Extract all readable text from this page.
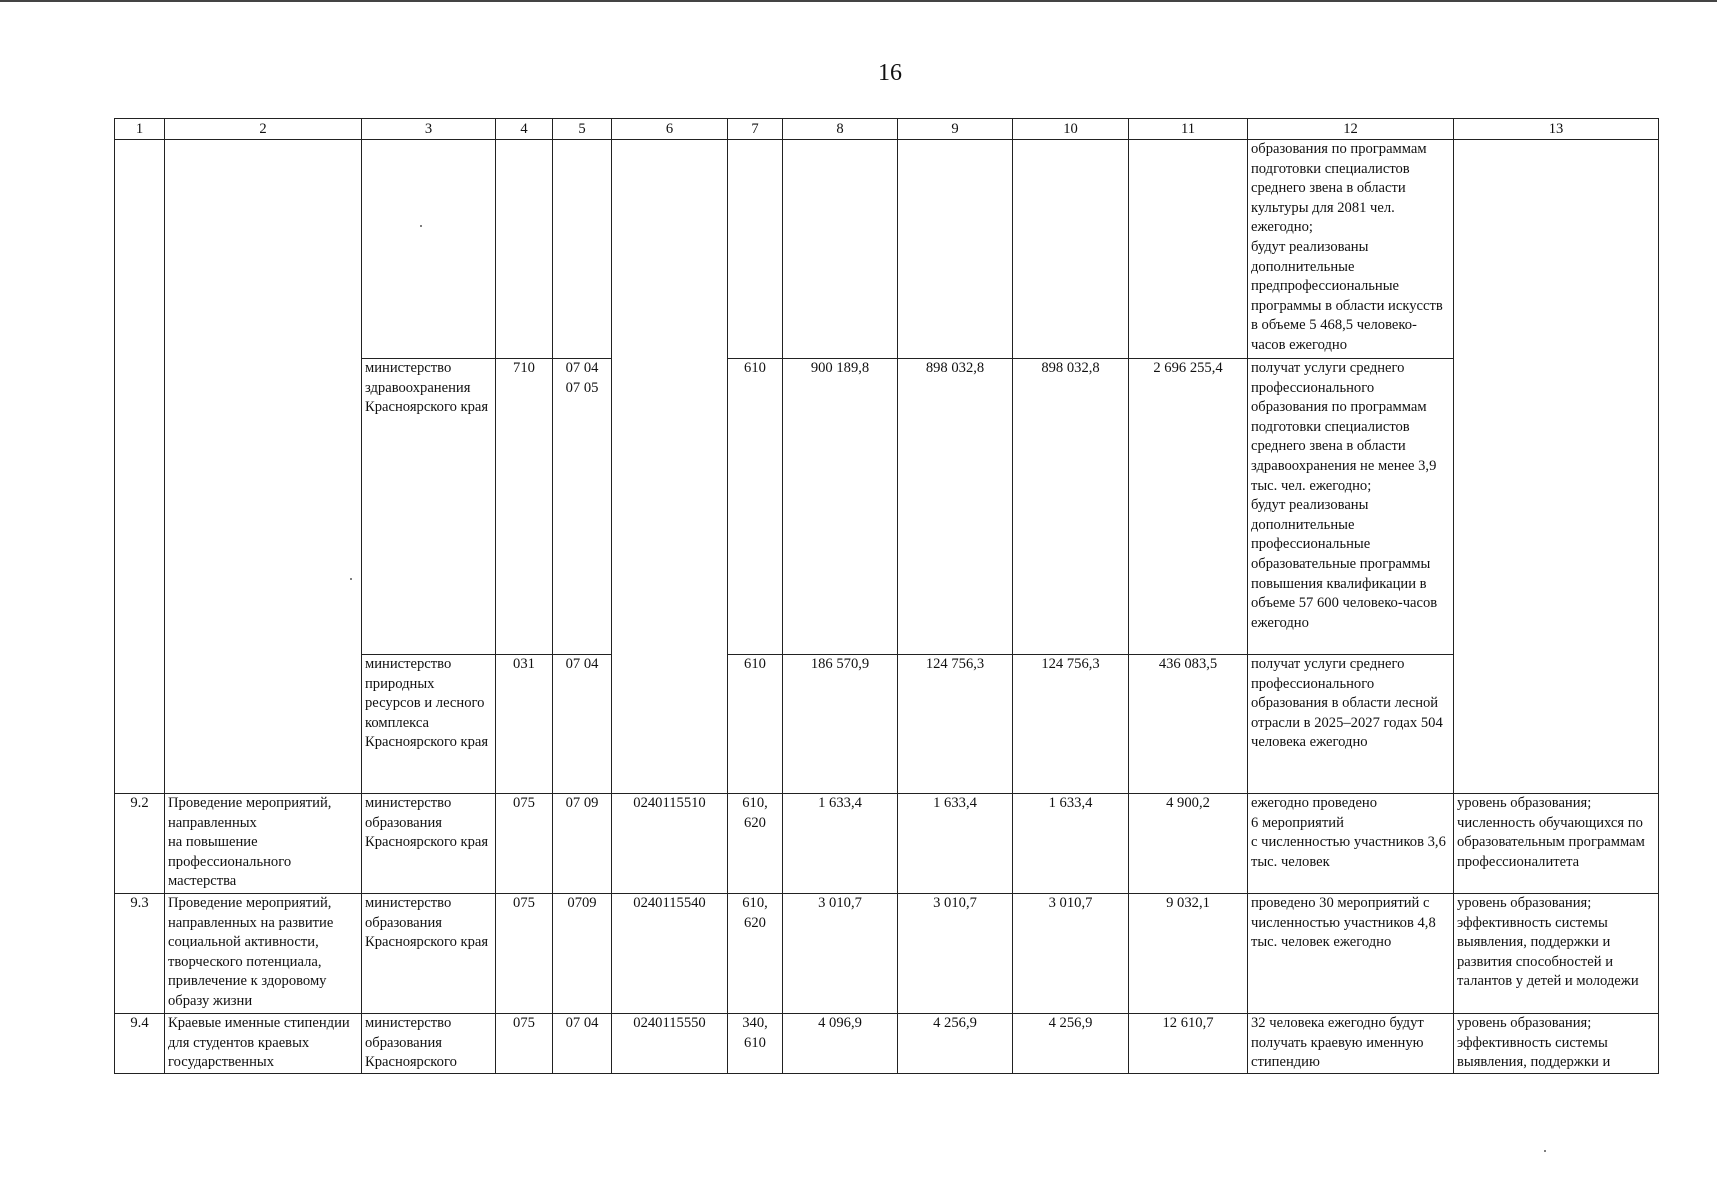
16
1	2	3	4	5	6	7	8	9	10	11	12	13
											образования по программам подготовки специалистов среднего звена в области культуры для 2081 чел. ежегодно;
будут реализованы дополнительные предпрофессиональные программы в области искусств в объеме 5 468,5 человеко-часов ежегодно	
		министерство здравоохранения Красноярского края	710	07 04
07 05		610	900 189,8	898 032,8	898 032,8	2 696 255,4	получат услуги среднего профессионального образования по программам подготовки специалистов среднего звена в области здравоохранения не менее 3,9 тыс. чел. ежегодно;
будут реализованы дополнительные профессиональные образовательные программы повышения квалификации в объеме 57 600 человеко-часов ежегодно	
		министерство природных ресурсов и лесного комплекса Красноярского края	031	07 04		610	186 570,9	124 756,3	124 756,3	436 083,5	получат услуги среднего профессионального образования в области лесной отрасли в 2025–2027 годах 504 человека ежегодно	
9.2	Проведение мероприятий, направленных
на повышение профессионального мастерства	министерство образования Красноярского края	075	07 09	0240115510	610,
620	1 633,4	1 633,4	1 633,4	4 900,2	ежегодно проведено
6 мероприятий
с численностью участников 3,6 тыс. человек	уровень образования;
численность обучающихся по образовательным программам профессионалитета
9.3	Проведение мероприятий, направленных на развитие социальной активности, творческого потенциала, привлечение к здоровому образу жизни	министерство образования Красноярского края	075	0709	0240115540	610,
620	3 010,7	3 010,7	3 010,7	9 032,1	проведено 30 мероприятий с численностью участников 4,8 тыс. человек ежегодно	уровень образования;
эффективность системы выявления, поддержки и развития способностей и талантов у детей и молодежи
9.4	Краевые именные стипендии для студентов краевых государственных	министерство образования Красноярского	075	07 04	0240115550	340,
610	4 096,9	4 256,9	4 256,9	12 610,7	32 человека ежегодно будут получать краевую именную стипендию	уровень образования;
эффективность системы выявления, поддержки и
